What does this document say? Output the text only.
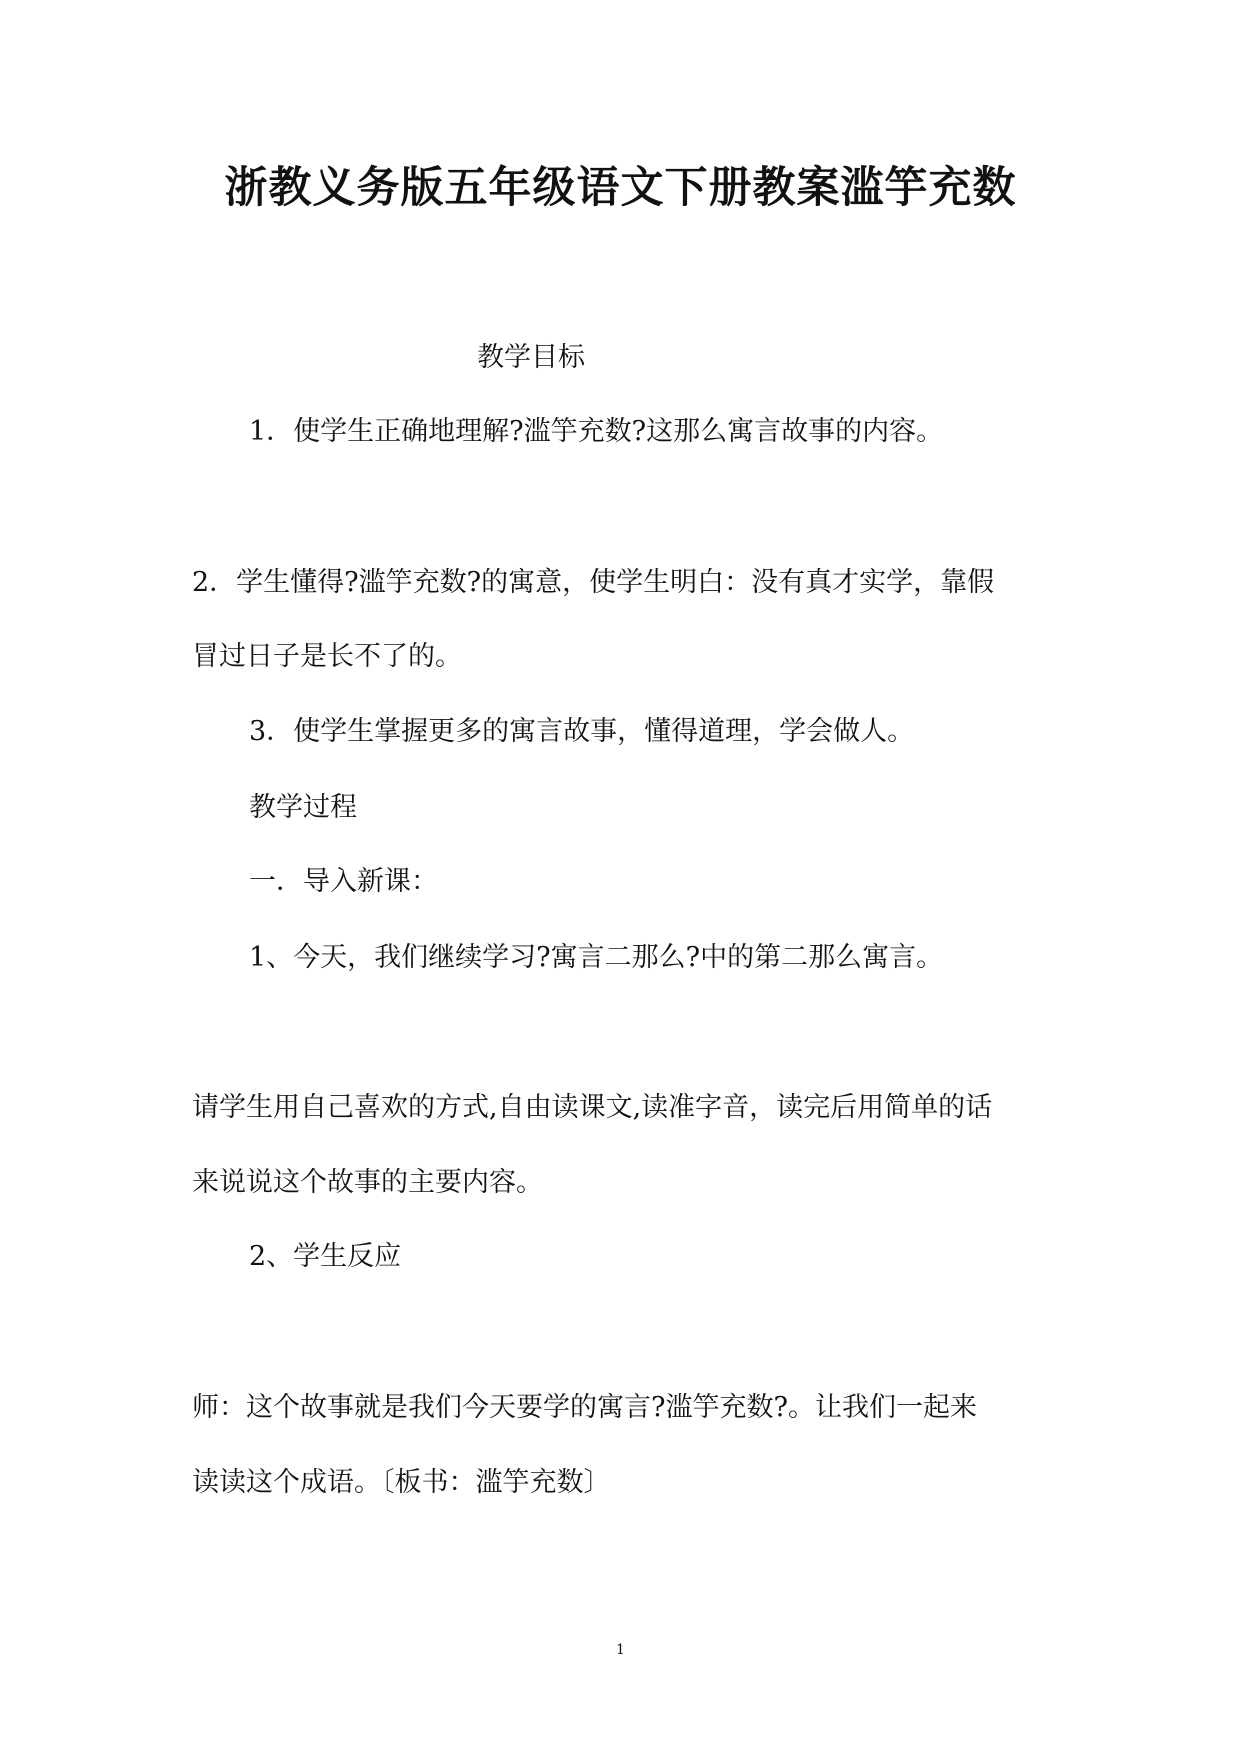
浙教义务版五年级语文下册教案滥竽充数
教学目标
1．使学生正确地理解?滥竽充数?这那么寓言故事的内容。
2．学生懂得?滥竽充数?的寓意，使学生明白：没有真才实学，靠假
冒过日子是长不了的。
3．使学生掌握更多的寓言故事，懂得道理，学会做人。
教学过程
一．导入新课：
1、今天，我们继续学习?寓言二那么?中的第二那么寓言。
请学生用自己喜欢的方式,自由读课文,读准字音，读完后用简单的话
来说说这个故事的主要内容。
2、学生反应
师：这个故事就是我们今天要学的寓言?滥竽充数?。让我们一起来
读读这个成语。〔板书：滥竽充数〕
1
